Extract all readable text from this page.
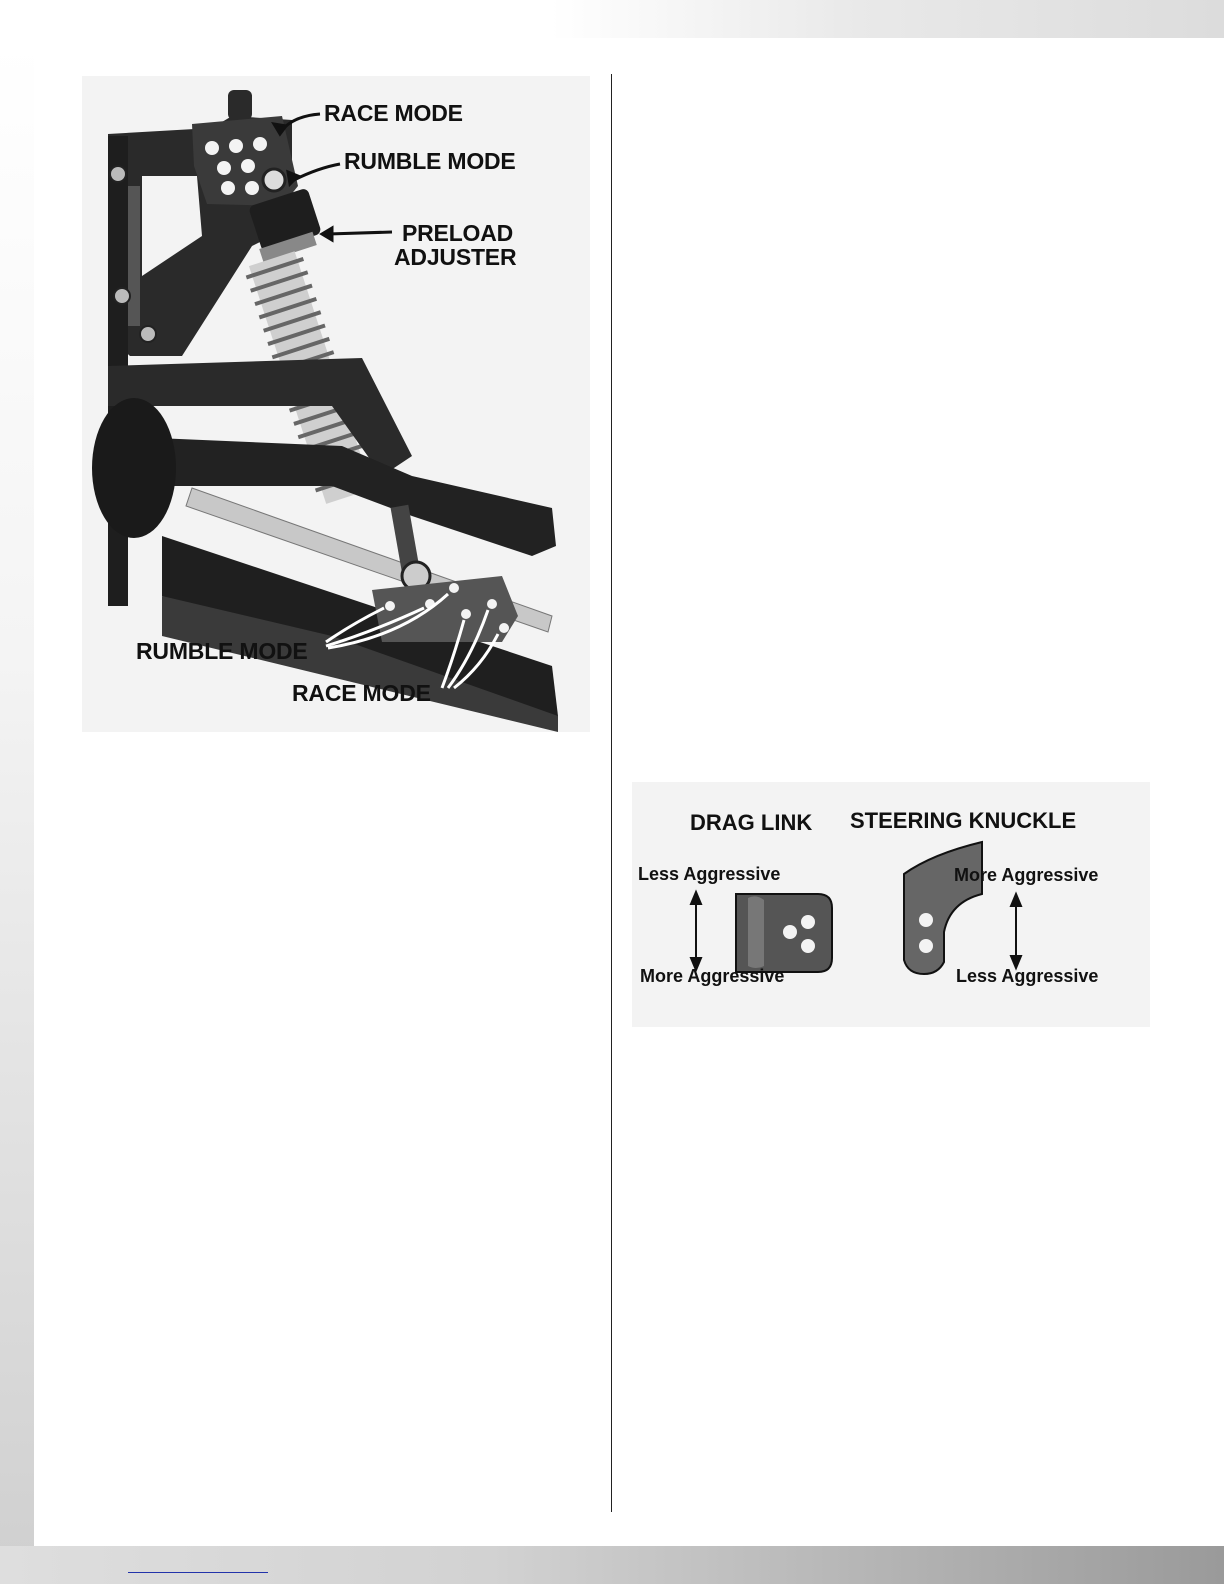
RACE MODE
RUMBLE MODE
PRELOAD
ADJUSTER
RUMBLE MODE
RACE MODE
DRAG LINK STEERING KNUCKLE
Less Aggressive
More Aggressive
More Aggressive
Less Aggressive
